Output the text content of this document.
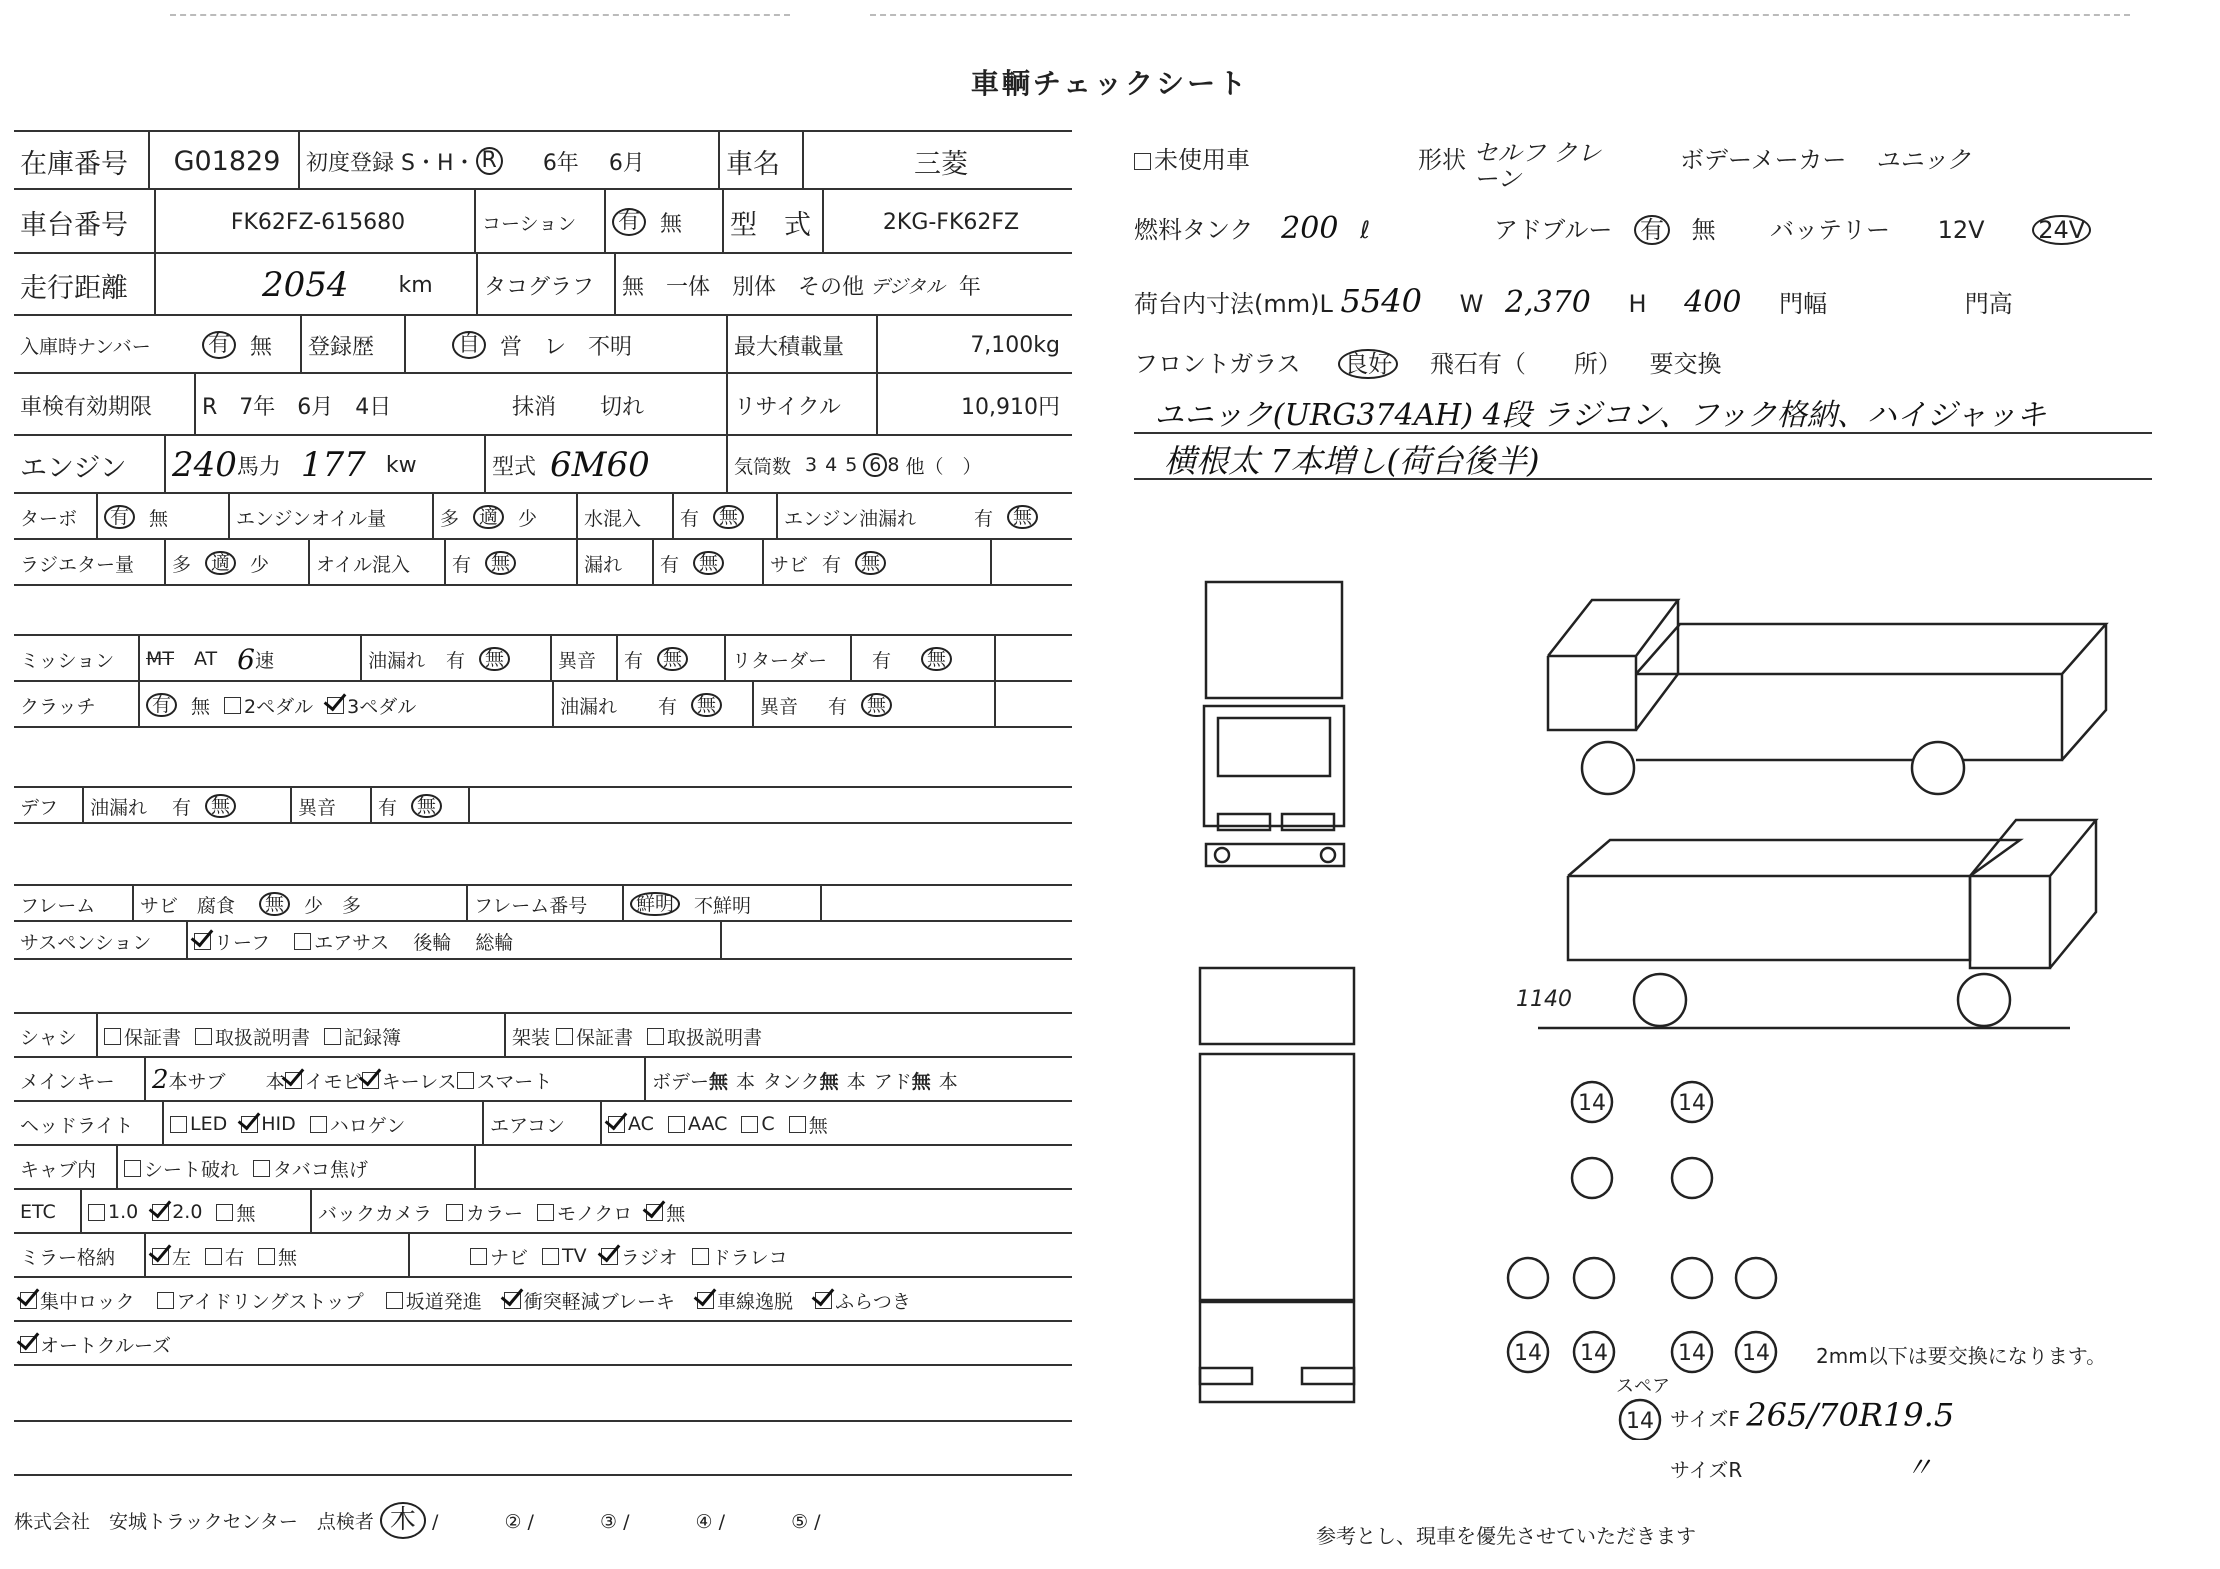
車輌チェックシート
在庫番号	G01829	初度登録 S・H・ R 6年 6月	車名	三菱
車台番号	FK62FZ-615680	コーション	有 無 型　式	2KG-FK62FZ
走行距離	2054 km	タコグラフ	無　一体　別体　その他 デジタル 年
入庫時ナンバー	有 無	登録歴	自 営　レ　不明	最大積載量	7,100kg
車検有効期限	R　7年　6月　4日	抹消　　切れ	リサイクル	10,910円
エンジン	240 馬力 177 kw	型式 6M60	気筒数 3 4 5 6 8 他（　）
ターボ	有	無	エンジンオイル量	多	適	少	水混入	有	無	エンジン油漏れ	有	無
ラジエター量	多	適	少	オイル混入	有	無	漏れ	有	無	サビ 有	無
ミッション	MT AT 6 速	油漏れ	有	無	異音	有	無	リターダー	有	無
クラッチ	有	無 2ペダル 3ペダル	油漏れ	有	無	異音 有	無
デフ	油漏れ	有	無	異音	有	無
フレーム	サビ　腐食	無	少　多	フレーム番号	鮮明	不鮮明
サスペンション	リーフ エアサス 後輪 総輪
シャシ	保証書 取扱説明書 記録簿	架装 保証書 取扱説明書
メインキー	2 本サブ 本 イモビ キーレス スマート	ボデー 無 本 タンク 無 本 アド 無 本
ヘッドライト	LED HID ハロゲン	エアコン	AC AAC C 無
キャブ内	シート破れ タバコ焦げ
ETC	1.0 2.0 無	バックカメラ カラー モノクロ 無
ミラー格納	左 右 無	ナビ TV ラジオ ドラレコ
集中ロック アイドリングストップ 坂道発進 衝突軽減ブレーキ 車線逸脱 ふらつき
オートクルーズ
株式会社　安城トラックセンター　点検者 木 /	② /	③ /	④ /	⑤ /
未使用車	形状 セルフ クレーン
ボデーメーカー ユニック
燃料タンク 200 ℓ	アドブルー 有 無 バッテリー 12V 24V
荷台内寸法(mm)L 5540 W 2,370 H 400 門幅	門高
フロントガラス 良好 飛石有（　　所） 要交換
ユニック(URG374AH) 4段 ラジコン、フック格納、ハイジャッキ
横根太 7本増し(荷台後半)
1140
14	14
14 14	14 14
14
2mm以下は要交換になります。
スペア
サイズF 265/70R19.5
サイズR	〃
参考とし、現車を優先させていただきます
